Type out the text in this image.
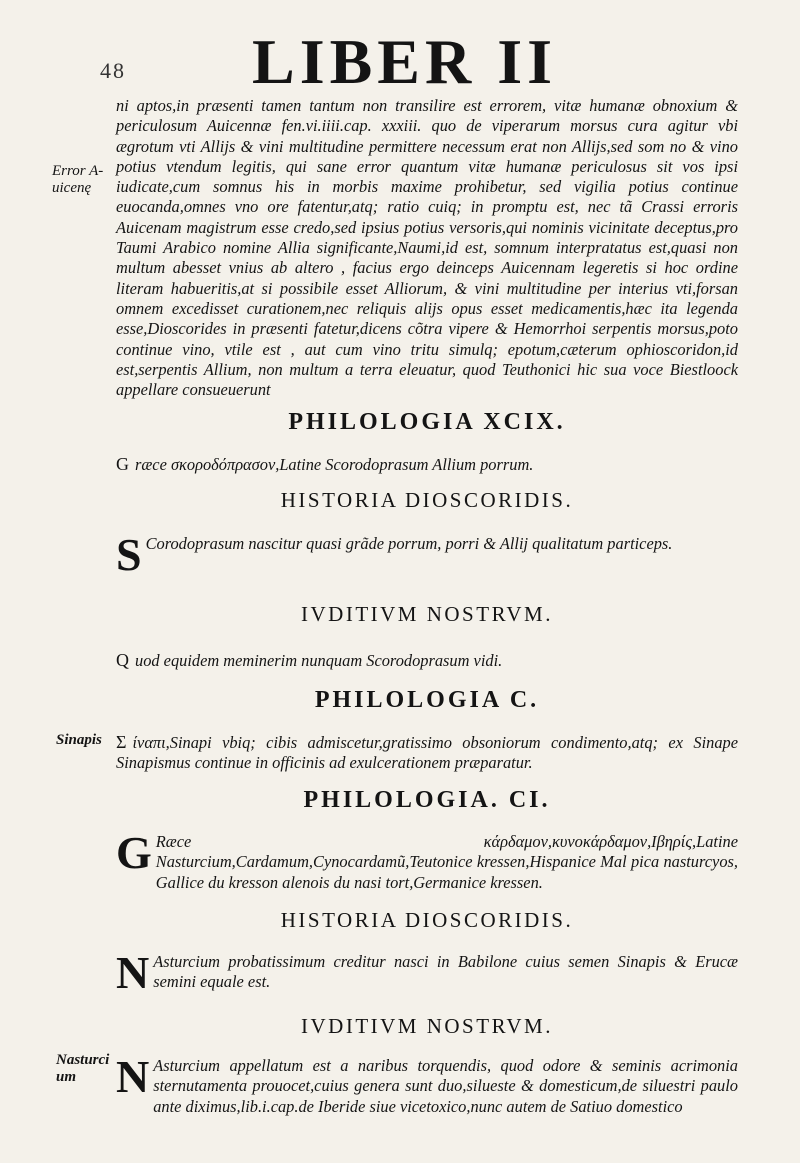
48 LIBER II
Error A-
uicenę
Sinapis
Nasturci
um
ni aptos,in præsenti tamen tantum non transilire est errorem, vitæ humanæ obnoxium & periculosum Auicennæ fen.vi.iiii.cap. xxxiii. quo de viperarum morsus cura agitur vbi ægrotum vti Allijs & vini multitudine permittere necessum erat non Allijs,sed som no & vino potius vtendum legitis, qui sane error quantum vitæ humanæ periculosus sit vos ipsi iudicate,cum somnus his in morbis maxime prohibetur, sed vigilia potius continue euocanda,omnes vno ore fatentur,atq; ratio cuiq; in promptu est, nec tã Crassi erroris Auicenam magistrum esse credo,sed ipsius potius versoris,qui nominis vicinitate deceptus,pro Taumi Arabico nomine Allia significante,Naumi,id est, somnum interpratatus est,quasi non multum abesset vnius ab altero , facius ergo deinceps Auicennam legeretis si hoc ordine literam habueritis,at si possibile esset Alliorum, & vini multitudine per interius vti,forsan omnem excedisset curationem,nec reliquis alijs opus esset medicamentis,hæc ita legenda esse,Dioscorides in præsenti fatetur,dicens cõtra vipere & Hemorrhoi serpentis morsus,poto continue vino, vtile est , aut cum vino tritu simulq; epotum,cæterum ophioscoridon,id est,serpentis Allium, non multum a terra eleuatur, quod Teuthonici hic sua voce Biestloock appellare consueuerunt
PHILOLOGIA XCIX.
G ræce σκοροδόπρασον,Latine Scorodoprasum Allium porrum.
HISTORIA DIOSCORIDIS.
S Corodoprasum nascitur quasi grãde porrum, porri & Allij qualitatum particeps.
IVDITIVM NOSTRVM.
Q uod equidem meminerim nunquam Scorodoprasum vidi.
PHILOLOGIA C.
Σ ίναπι,Sinapi vbiq; cibis admiscetur,gratissimo obsoniorum condimento,atq; ex Sinape Sinapismus continue in officinis ad exulcerationem præparatur.
PHILOLOGIA. CI.
G Ræce κάρδαμον,κυνοκάρδαμον,Ιβηρίς,Latine Nasturcium,Cardamum,Cynocardamũ,Teutonice kressen,Hispanice Mal pica nasturcyos, Gallice du kresson alenois du nasi tort,Germanice kressen.
HISTORIA DIOSCORIDIS.
N Asturcium probatissimum creditur nasci in Babilone cuius semen Sinapis & Erucæ semini equale est.
IVDITIVM NOSTRVM.
N Asturcium appellatum est a naribus torquendis, quod odore & seminis acrimonia sternutamenta prouocet,cuius genera sunt duo,silueste & domesticum,de siluestri paulo ante diximus,lib.i.cap.de Iberide siue vicetoxico,nunc autem de Satiuo domestico
